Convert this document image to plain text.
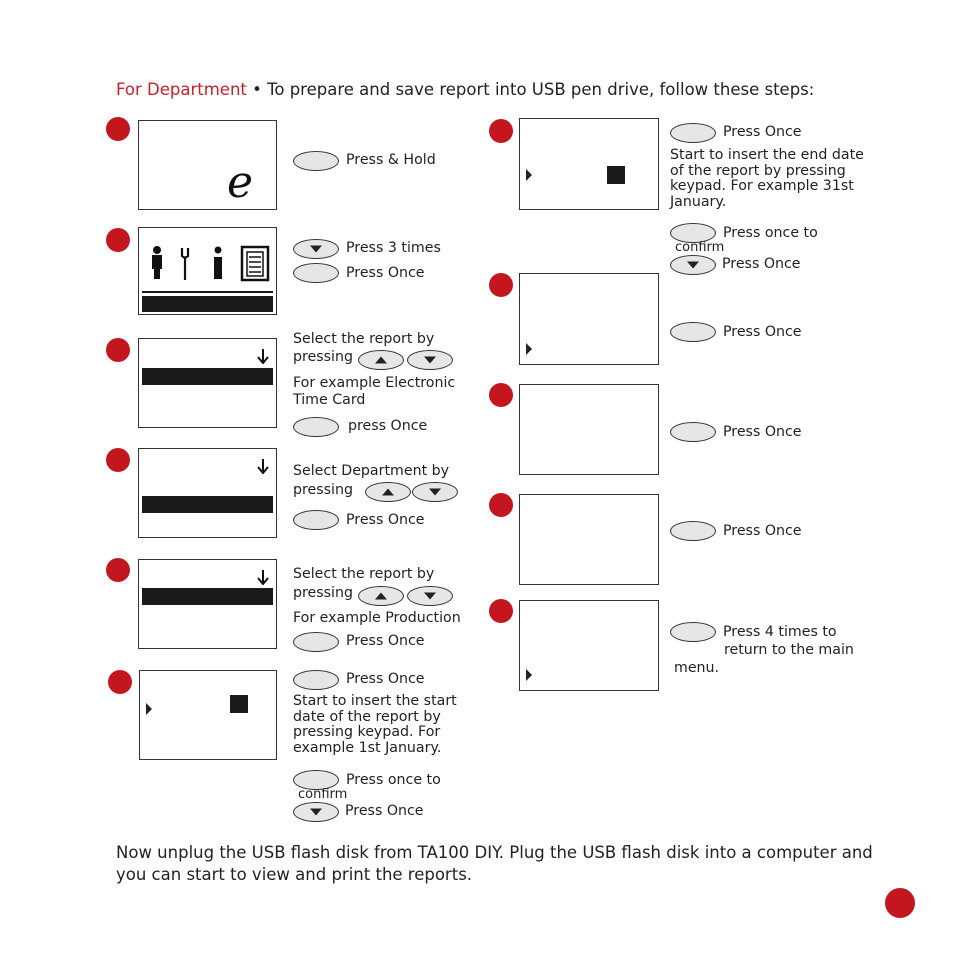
For Department • To prepare and save report into USB pen drive, follow these steps:
e	Press & Hold
Press 3 times
Press Once
Select the report by
pressing
For example Electronic Time Card
press Once
Select Department by
pressing
Press Once
Select the report by
pressing
For example Production
Press Once
Press Once
Start to insert the start date of the report by pressing keypad. For example 1st January.
Press once to
confirm
Press Once
Press Once
Start to insert the end date of the report by pressing keypad. For example 31st January.
Press once to
confirm
Press Once
Press Once
Press Once
Press Once
Press 4 times to
return to the main
menu.
Now unplug the USB flash disk from TA100 DIY. Plug the USB flash disk into a computer and you can start to view and print the reports.
